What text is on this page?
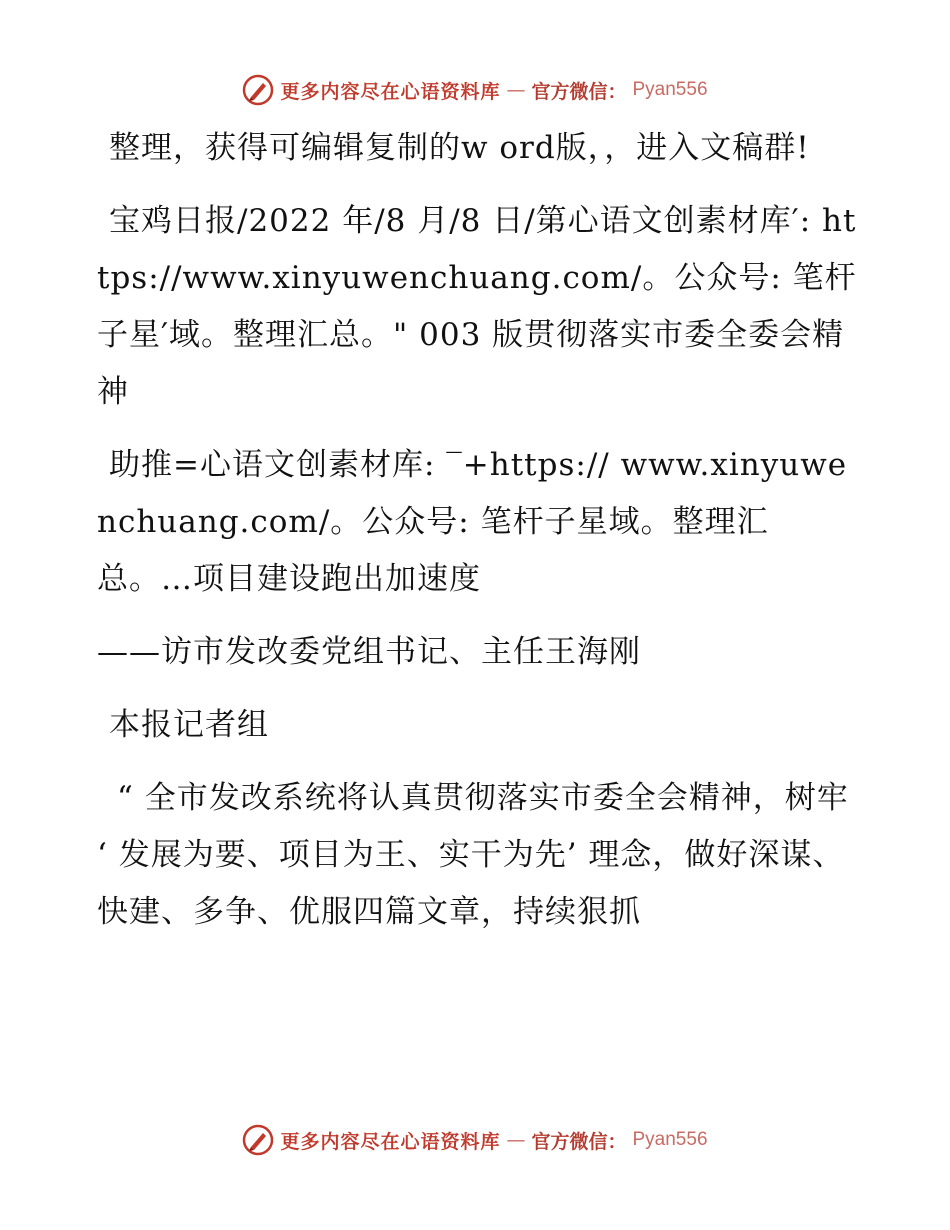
更多内容尽在心语资料库 — 官方微信： Pyan556

整理，获得可编辑复制的w ord版，，进入文稿群!

宝鸡日报/2022 年/8 月/8 日/第心语文创素材库′: https://www.xinyuwenchuang.com/。公众号: 笔杆子星′域。整理汇总。" 003 版贯彻落实市委全委会精神

助推=心语文创素材库: ‾+https:// www.xinyuwenchuang.com/。公众号: 笔杆子星域。整理汇总。…项目建设跑出加速度

——访市发改委党组书记、主任王海刚

本报记者组

“ 全市发改系统将认真贯彻落实市委全会精神，树牢 ‘ 发展为要、项目为王、实干为先’ 理念，做好深谋、快建、多争、优服四篇文章，持续狠抓

更多内容尽在心语资料库 — 官方微信： Pyan556
